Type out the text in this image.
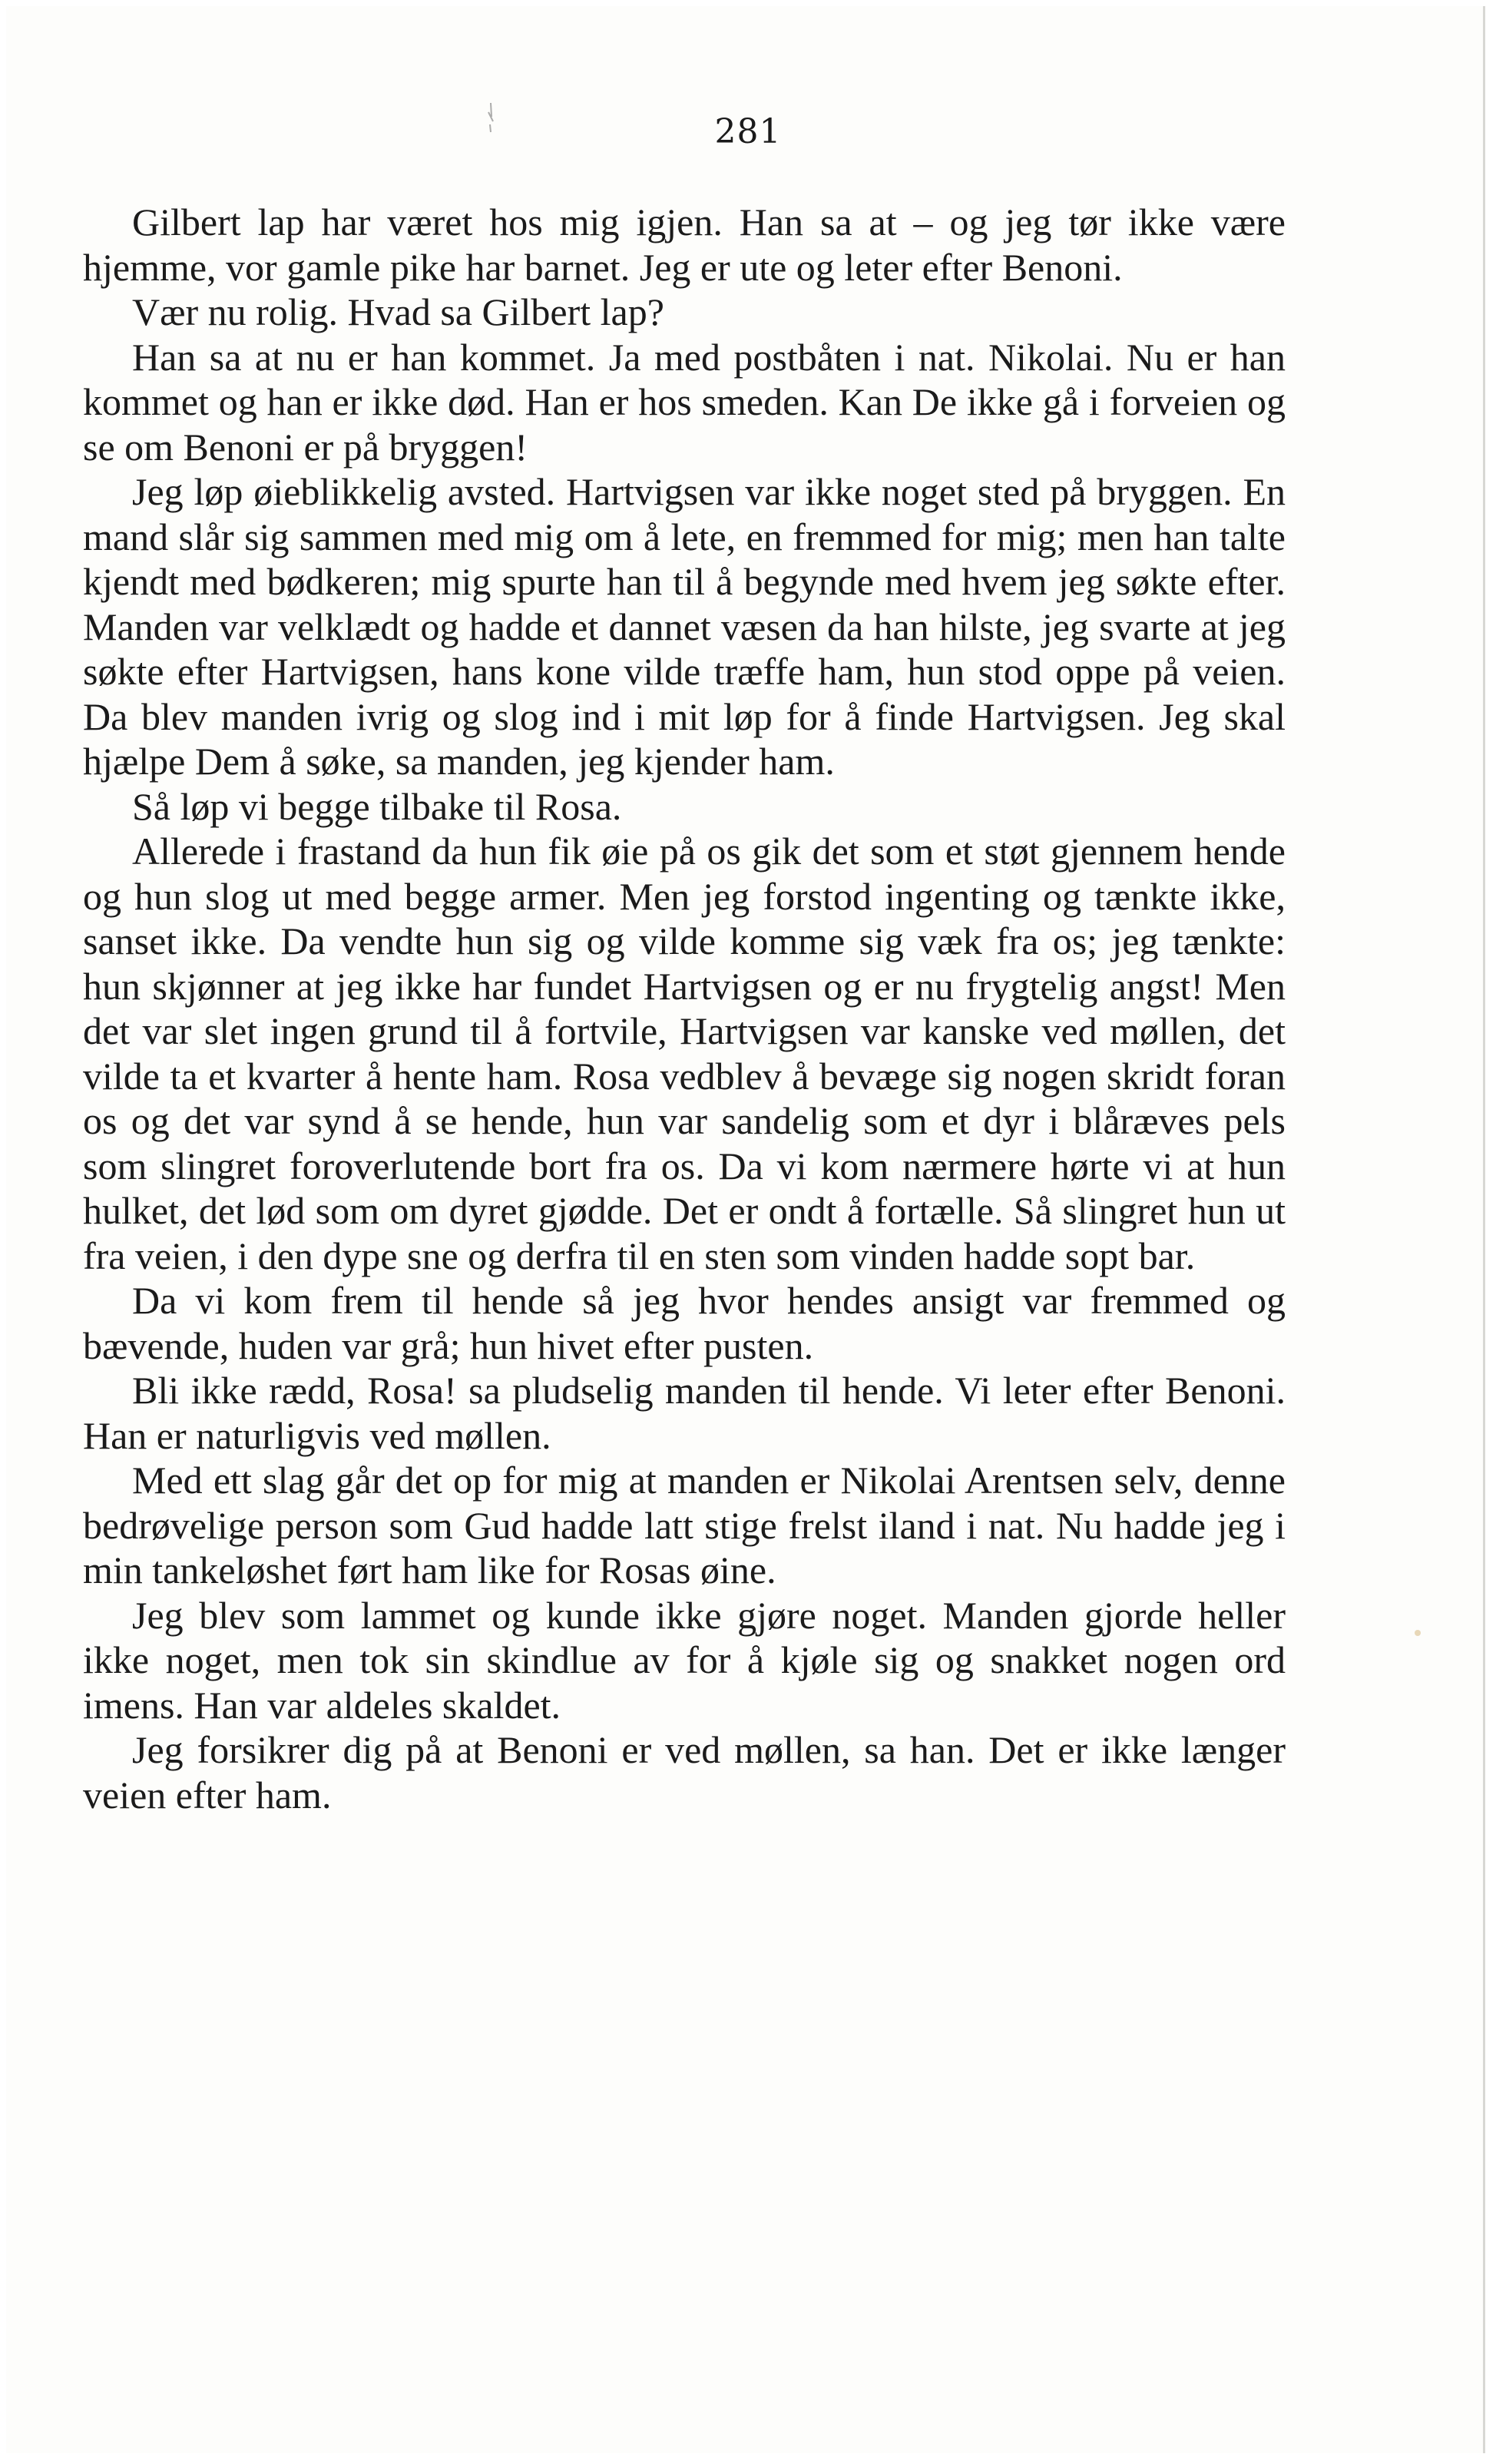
281

Gilbert lap har været hos mig igjen. Han sa at – og jeg tør ikke være hjemme, vor gamle pike har barnet. Jeg er ute og leter efter Benoni.

Vær nu rolig. Hvad sa Gilbert lap?

Han sa at nu er han kommet. Ja med postbåten i nat. Nikolai. Nu er han kommet og han er ikke død. Han er hos smeden. Kan De ikke gå i forveien og se om Benoni er på bryggen!

Jeg løp øieblikkelig avsted. Hartvigsen var ikke noget sted på bryggen. En mand slår sig sammen med mig om å lete, en fremmed for mig; men han talte kjendt med bødkeren; mig spurte han til å begynde med hvem jeg søkte efter. Manden var velklædt og hadde et dannet væsen da han hilste, jeg svarte at jeg søkte efter Hartvigsen, hans kone vilde træffe ham, hun stod oppe på veien. Da blev manden ivrig og slog ind i mit løp for å finde Hartvigsen. Jeg skal hjælpe Dem å søke, sa manden, jeg kjender ham.

Så løp vi begge tilbake til Rosa.

Allerede i frastand da hun fik øie på os gik det som et støt gjennem hende og hun slog ut med begge armer. Men jeg forstod ingenting og tænkte ikke, sanset ikke. Da vendte hun sig og vilde komme sig væk fra os; jeg tænkte: hun skjønner at jeg ikke har fundet Hartvigsen og er nu frygtelig angst! Men det var slet ingen grund til å fortvile, Hartvigsen var kanske ved møllen, det vilde ta et kvarter å hente ham. Rosa vedblev å bevæge sig nogen skridt foran os og det var synd å se hende, hun var sandelig som et dyr i blåræves pels som slingret foroverlutende bort fra os. Da vi kom nærmere hørte vi at hun hulket, det lød som om dyret gjødde. Det er ondt å fortælle. Så slingret hun ut fra veien, i den dype sne og derfra til en sten som vinden hadde sopt bar.

Da vi kom frem til hende så jeg hvor hendes ansigt var fremmed og bævende, huden var grå; hun hivet efter pusten.

Bli ikke rædd, Rosa! sa pludselig manden til hende. Vi leter efter Benoni. Han er naturligvis ved møllen.

Med ett slag går det op for mig at manden er Nikolai Arentsen selv, denne bedrøvelige person som Gud hadde latt stige frelst iland i nat. Nu hadde jeg i min tankeløshet ført ham like for Rosas øine.

Jeg blev som lammet og kunde ikke gjøre noget. Manden gjorde heller ikke noget, men tok sin skindlue av for å kjøle sig og snakket nogen ord imens. Han var aldeles skaldet.

Jeg forsikrer dig på at Benoni er ved møllen, sa han. Det er ikke længer veien efter ham.
